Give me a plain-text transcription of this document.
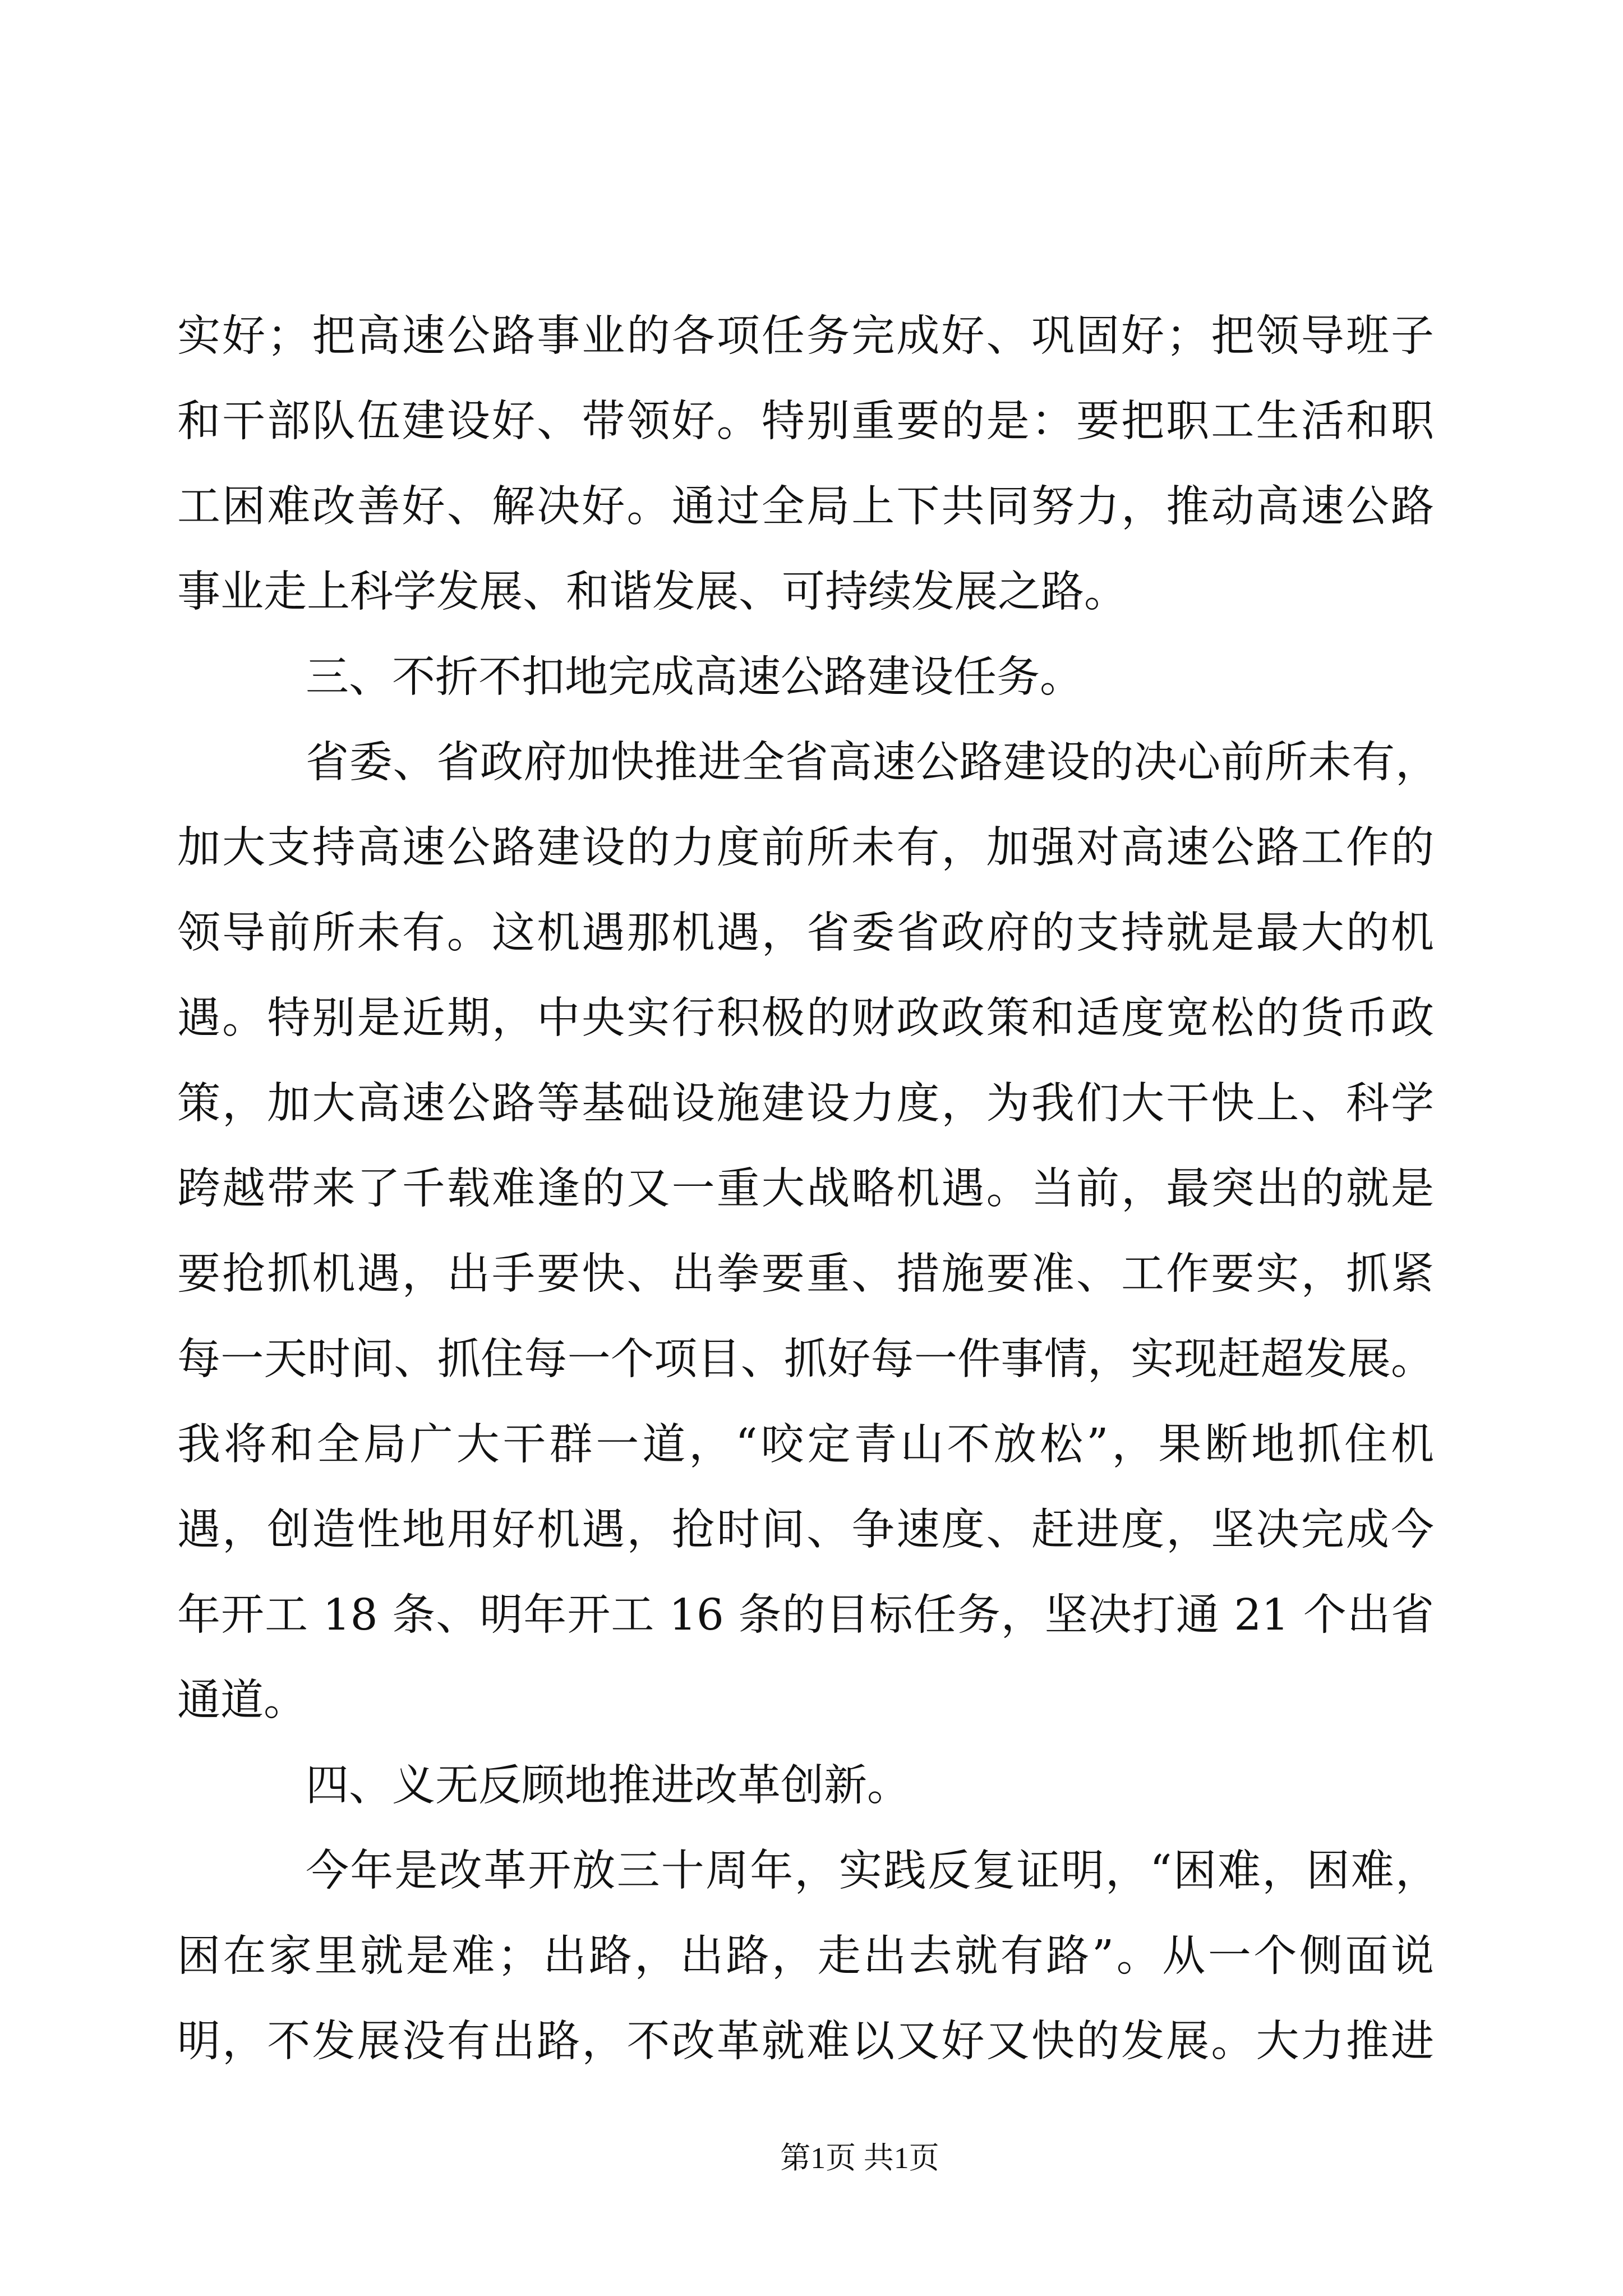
实好；把高速公路事业的各项任务完成好、巩固好；把领导班子
和干部队伍建设好、带领好。特别重要的是：要把职工生活和职
工困难改善好、解决好。通过全局上下共同努力，推动高速公路
事业走上科学发展、和谐发展、可持续发展之路。
三、不折不扣地完成高速公路建设任务。
省委、省政府加快推进全省高速公路建设的决心前所未有，
加大支持高速公路建设的力度前所未有，加强对高速公路工作的
领导前所未有。这机遇那机遇，省委省政府的支持就是最大的机
遇。特别是近期，中央实行积极的财政政策和适度宽松的货币政
策，加大高速公路等基础设施建设力度，为我们大干快上、科学
跨越带来了千载难逢的又一重大战略机遇。当前，最突出的就是
要抢抓机遇，出手要快、出拳要重、措施要准、工作要实，抓紧
每一天时间、抓住每一个项目、抓好每一件事情，实现赶超发展。
我将和全局广大干群一道，“咬定青山不放松”，果断地抓住机
遇，创造性地用好机遇，抢时间、争速度、赶进度，坚决完成今
年开工 18 条、明年开工 16 条的目标任务，坚决打通 21 个出省
通道。
四、义无反顾地推进改革创新。
今年是改革开放三十周年，实践反复证明，“困难，困难，
困在家里就是难；出路，出路，走出去就有路”。从一个侧面说
明，不发展没有出路，不改革就难以又好又快的发展。大力推进
第1页 共1页
